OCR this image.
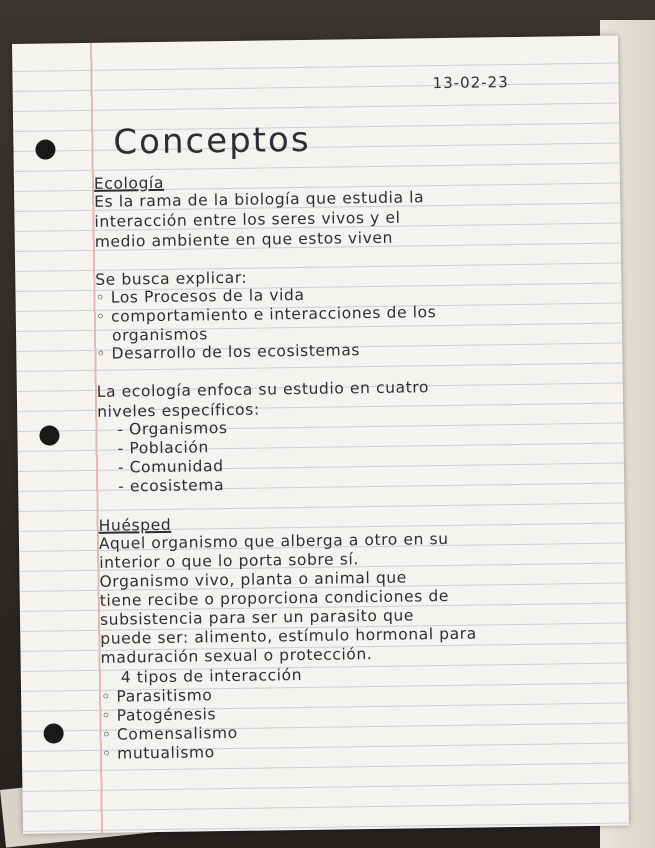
13-02-23
Conceptos
Ecología
Es la rama de la biología que estudia la
interacción entre los seres vivos y el
medio ambiente en que estos viven
Se busca explicar:
◦ Los Procesos de la vida
◦ comportamiento e interacciones de los
organismos
◦ Desarrollo de los ecosistemas
La ecología enfoca su estudio en cuatro
niveles específicos:
- Organismos
- Población
- Comunidad
- ecosistema
Huésped
Aquel organismo que alberga a otro en su
interior o que lo porta sobre sí.
Organismo vivo, planta o animal que
tiene recibe o proporciona condiciones de
subsistencia para ser un parasito que
puede ser: alimento, estímulo hormonal para
maduración sexual o protección.
4 tipos de interacción
◦ Parasitismo
◦ Patogénesis
◦ Comensalismo
◦ mutualismo
